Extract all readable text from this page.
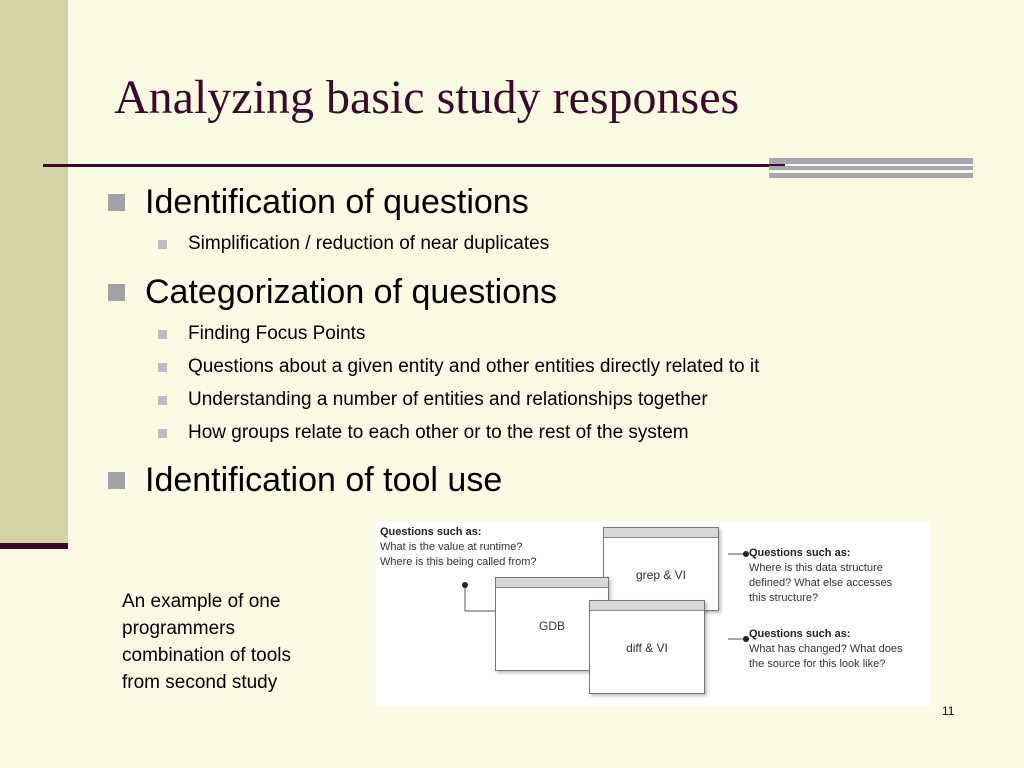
Analyzing basic study responses
Identification of questions
Simplification / reduction of near duplicates
Categorization of questions
Finding Focus Points
Questions about a given entity and other entities directly related to it
Understanding a number of entities and relationships together
How groups relate to each other or to the rest of the system
Identification of tool use
An example of one
programmers
combination of tools
from second study
Questions such as:
What is the value at runtime?
Where is this being called from?
grep & VI
GDB
diff & VI
Questions such as:
Where is this data structure
defined? What else accesses
this structure?
Questions such as:
What has changed? What does
the source for this look like?
11
